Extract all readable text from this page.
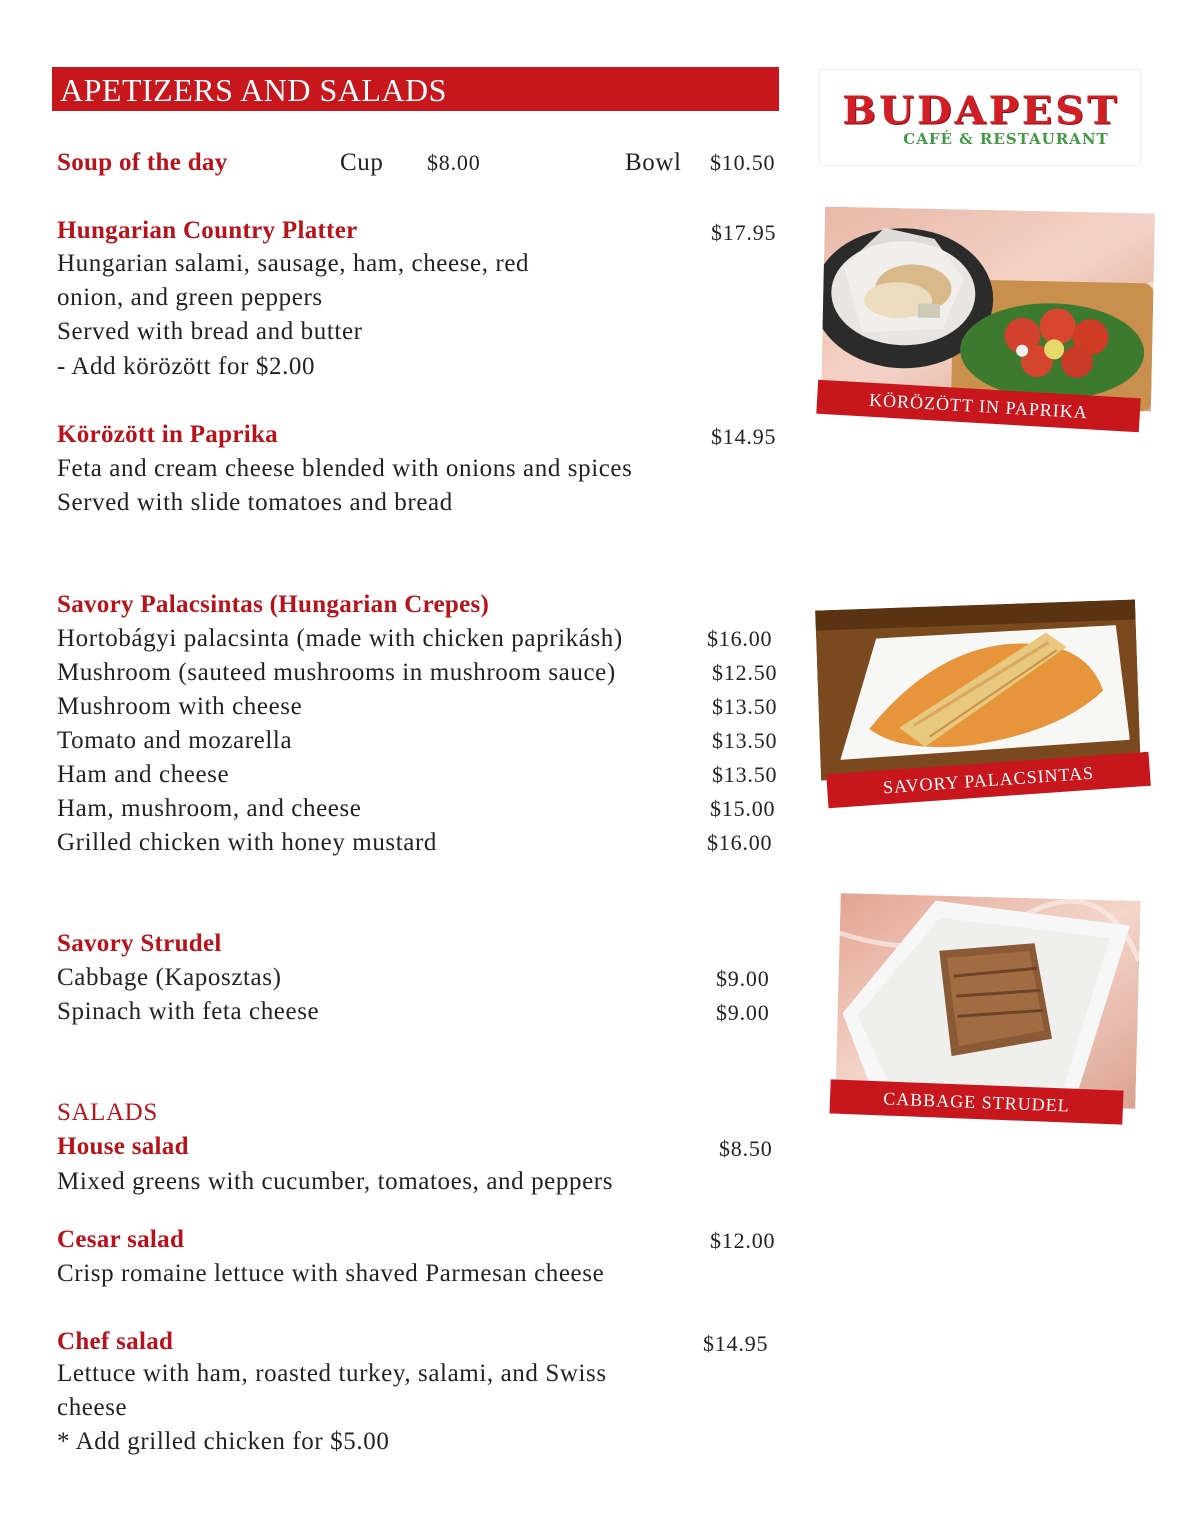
APETIZERS AND SALADS	BUDAPEST
CAFÉ & RESTAURANT
Soup of the day	Cup $8.00	Bowl $10.50
Hungarian Country Platter	$17.95
Hungarian salami, sausage, ham, cheese, red
onion, and green peppers
Served with bread and butter
- Add körözött for $2.00
Körözött in Paprika	$14.95
Feta and cream cheese blended with onions and spices
Served with slide tomatoes and bread
Savory Palacsintas (Hungarian Crepes)
Hortobágyi palacsinta (made with chicken paprikásh)	$16.00
Mushroom (sauteed mushrooms in mushroom sauce)	$12.50
Mushroom with cheese	$13.50
Tomato and mozarella	$13.50
Ham and cheese	$13.50
Ham, mushroom, and cheese	$15.00
Grilled chicken with honey mustard	$16.00
Savory Strudel
Cabbage (Kaposztas)	$9.00
Spinach with feta cheese	$9.00
SALADS
House salad	$8.50
Mixed greens with cucumber, tomatoes, and peppers
Cesar salad	$12.00
Crisp romaine lettuce with shaved Parmesan cheese
Chef salad	$14.95
Lettuce with ham, roasted turkey, salami, and Swiss
cheese
* Add grilled chicken for $5.00
KÖRÖZÖTT IN PAPRIKA
SAVORY PALACSINTAS
CABBAGE STRUDEL
